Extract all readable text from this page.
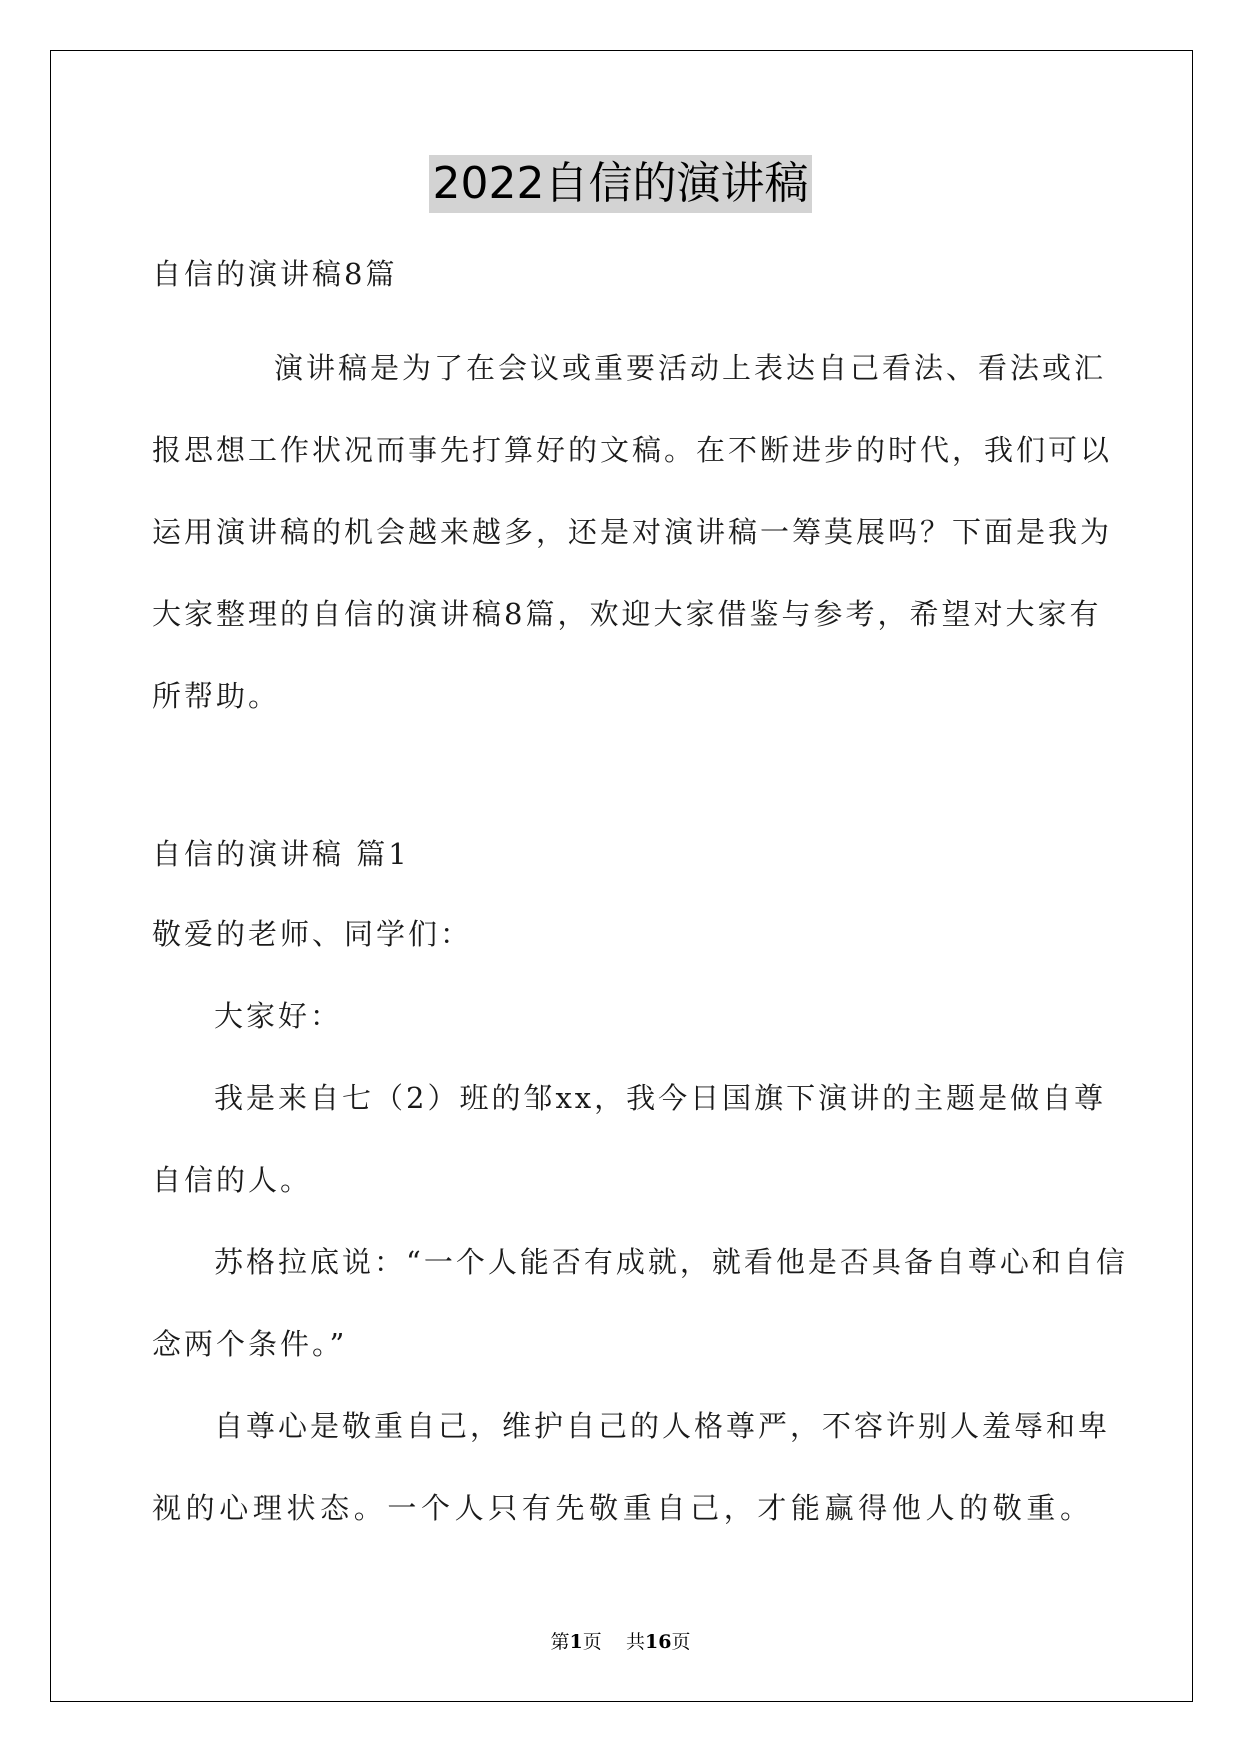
2022自信的演讲稿
自信的演讲稿8篇
演讲稿是为了在会议或重要活动上表达自己看法、看法或汇
报思想工作状况而事先打算好的文稿。在不断进步的时代，我们可以
运用演讲稿的机会越来越多，还是对演讲稿一筹莫展吗？下面是我为
大家整理的自信的演讲稿8篇，欢迎大家借鉴与参考，希望对大家有
所帮助。
自信的演讲稿 篇1
敬爱的老师、同学们：
大家好：
我是来自七（2）班的邹xx，我今日国旗下演讲的主题是做自尊
自信的人。
苏格拉底说：“一个人能否有成就，就看他是否具备自尊心和自信
念两个条件。”
自尊心是敬重自己，维护自己的人格尊严，不容许别人羞辱和卑
视的心理状态。一个人只有先敬重自己，才能赢得他人的敬重。
第1页 共16页
